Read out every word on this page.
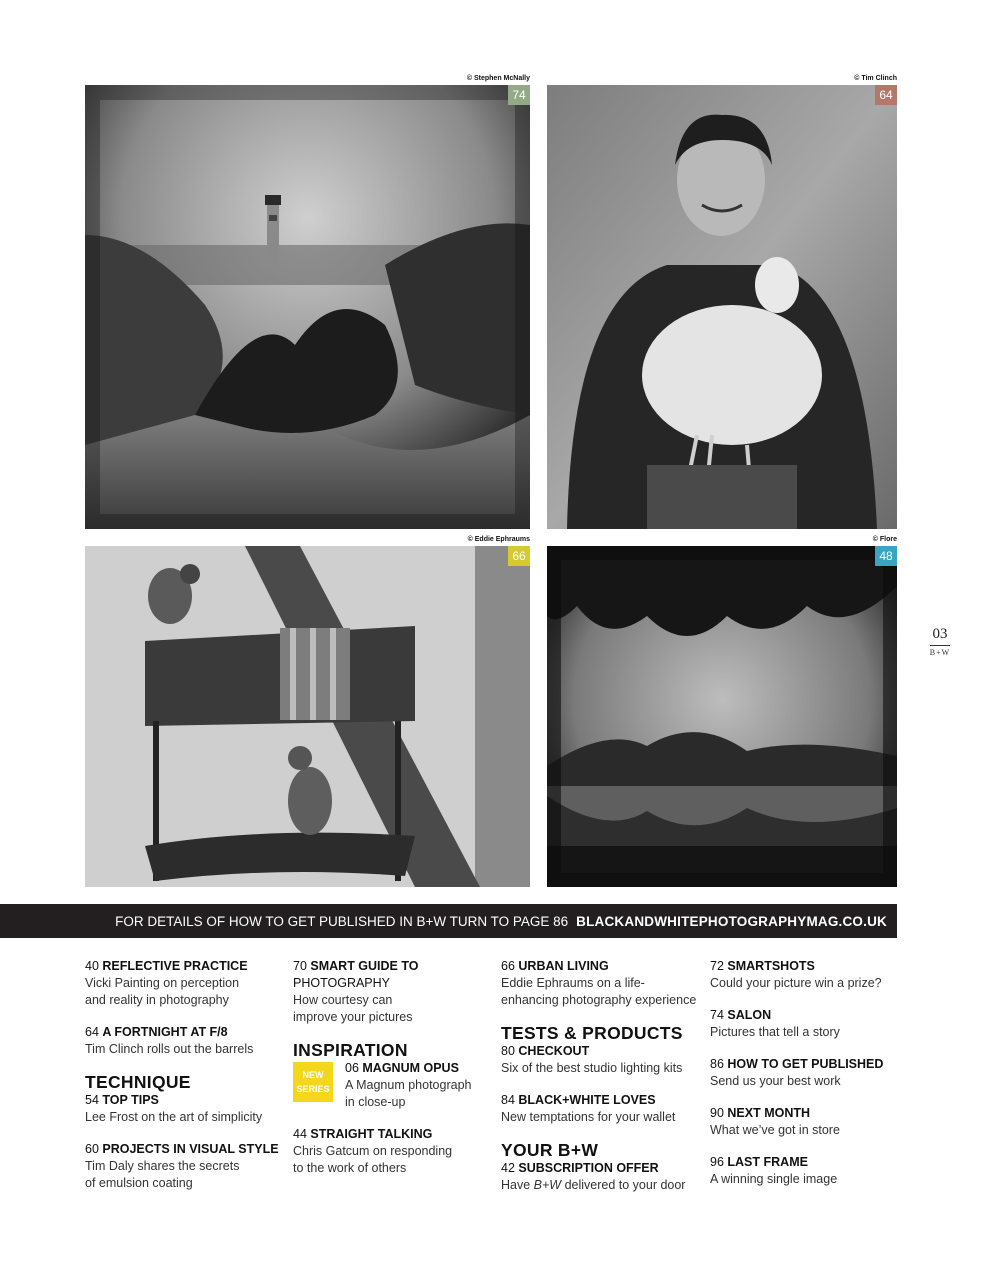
© Stephen McNally	© Tim Clinch
© Eddie Ephraums	© Flore
74	64
66	48
03
B+W
FOR DETAILS OF HOW TO GET PUBLISHED IN B+W TURN TO PAGE 86 BLACKANDWHITEPHOTOGRAPHYMAG.CO.UK
40 REFLECTIVE PRACTICE
Vicki Painting on perception
and reality in photography
64 A FORTNIGHT AT F/8
Tim Clinch rolls out the barrels
TECHNIQUE
54 TOP TIPS
Lee Frost on the art of simplicity
60 PROJECTS IN VISUAL STYLE
Tim Daly shares the secrets
of emulsion coating
70 SMART GUIDE TO
PHOTOGRAPHY
How courtesy can
improve your pictures
INSPIRATION
NEW
SERIES
06 MAGNUM OPUS
A Magnum photograph
in close-up
44 STRAIGHT TALKING
Chris Gatcum on responding
to the work of others
66 URBAN LIVING
Eddie Ephraums on a life-
enhancing photography experience
TESTS & PRODUCTS
80 CHECKOUT
Six of the best studio lighting kits
84 BLACK+WHITE LOVES
New temptations for your wallet
YOUR B+W
42 SUBSCRIPTION OFFER
Have B+W delivered to your door
72 SMARTSHOTS
Could your picture win a prize?
74 SALON
Pictures that tell a story
86 HOW TO GET PUBLISHED
Send us your best work
90 NEXT MONTH
What we’ve got in store
96 LAST FRAME
A winning single image
